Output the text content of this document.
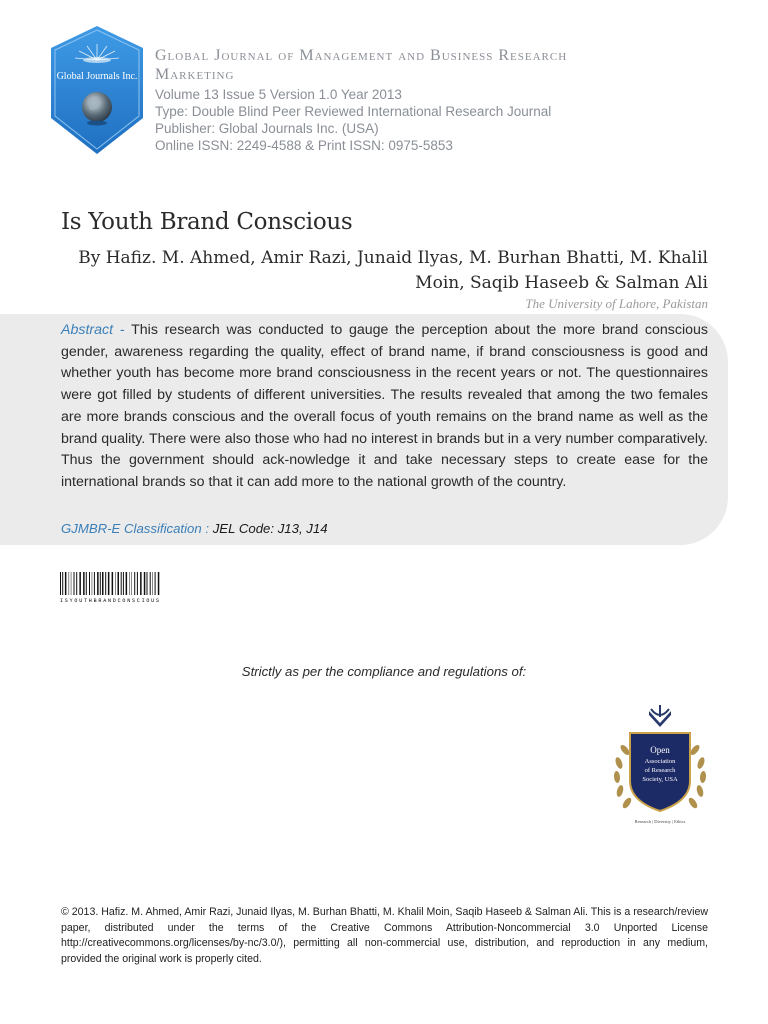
Global Journals Inc.
Global Journal of Management and Business Research
Marketing
Volume 13 Issue 5 Version 1.0 Year 2013
Type: Double Blind Peer Reviewed International Research Journal
Publisher: Global Journals Inc. (USA)
Online ISSN: 2249-4588 & Print ISSN: 0975-5853
Is Youth Brand Conscious
By Hafiz. M. Ahmed, Amir Razi, Junaid Ilyas, M. Burhan Bhatti, M. Khalil
Moin, Saqib Haseeb & Salman Ali
The University of Lahore, Pakistan
Abstract - This research was conducted to gauge the perception about the more brand conscious gender, awareness regarding the quality, effect of brand name, if brand consciousness is good and whether youth has become more brand consciousness in the recent years or not. The questionnaires were got filled by students of different universities. The results revealed that among the two females are more brands conscious and the overall focus of youth remains on the brand name as well as the brand quality. There were also those who had no interest in brands but in a very number comparatively. Thus the government should ack-nowledge it and take necessary steps to create ease for the international brands so that it can add more to the national growth of the country.
GJMBR-E Classification : JEL Code: J13, J14
ISYOUTHBRANDCONSCIOUS
Strictly as per the compliance and regulations of:
Open
Association
of Research
Society, USA
Research | Diversity | Ethics
© 2013. Hafiz. M. Ahmed, Amir Razi, Junaid Ilyas, M. Burhan Bhatti, M. Khalil Moin, Saqib Haseeb & Salman Ali. This is a research/review paper, distributed under the terms of the Creative Commons Attribution-Noncommercial 3.0 Unported License http://creativecommons.org/licenses/by-nc/3.0/), permitting all non-commercial use, distribution, and reproduction in any medium, provided the original work is properly cited.
